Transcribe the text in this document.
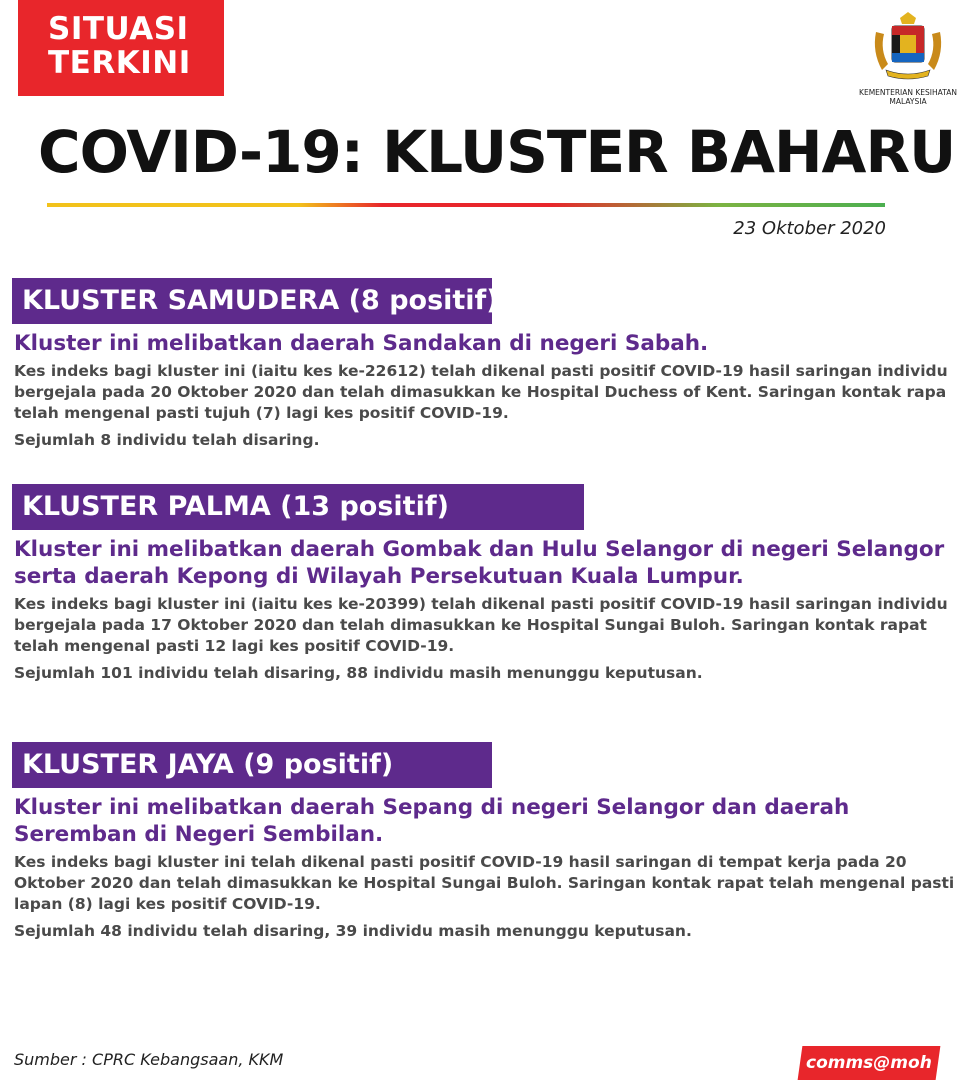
SITUASI
TERKINI
KEMENTERIAN KESIHATAN
MALAYSIA
COVID-19: KLUSTER BAHARU
23 Oktober 2020
KLUSTER SAMUDERA (8 positif)
Kluster ini melibatkan daerah Sandakan di negeri Sabah.
Kes indeks bagi kluster ini (iaitu kes ke-22612) telah dikenal pasti positif COVID-19 hasil saringan individu bergejala pada 20 Oktober 2020 dan telah dimasukkan ke Hospital Duchess of Kent. Saringan kontak rapa telah mengenal pasti tujuh (7) lagi kes positif COVID-19.
Sejumlah 8 individu telah disaring.
KLUSTER PALMA (13 positif)
Kluster ini melibatkan daerah Gombak dan Hulu Selangor di negeri Selangor serta daerah Kepong di Wilayah Persekutuan Kuala Lumpur.
Kes indeks bagi kluster ini (iaitu kes ke-20399) telah dikenal pasti positif COVID-19 hasil saringan individu bergejala pada 17 Oktober 2020 dan telah dimasukkan ke Hospital Sungai Buloh. Saringan kontak rapat telah mengenal pasti 12 lagi kes positif COVID-19.
Sejumlah 101 individu telah disaring, 88 individu masih menunggu keputusan.
KLUSTER JAYA (9 positif)
Kluster ini melibatkan daerah Sepang di negeri Selangor dan daerah Seremban di Negeri Sembilan.
Kes indeks bagi kluster ini telah dikenal pasti positif COVID-19 hasil saringan di tempat kerja pada 20 Oktober 2020 dan telah dimasukkan ke Hospital Sungai Buloh. Saringan kontak rapat telah mengenal pasti lapan (8) lagi kes positif COVID-19.
Sejumlah 48 individu telah disaring, 39 individu masih menunggu keputusan.
Sumber : CPRC Kebangsaan, KKM	comms@moh
